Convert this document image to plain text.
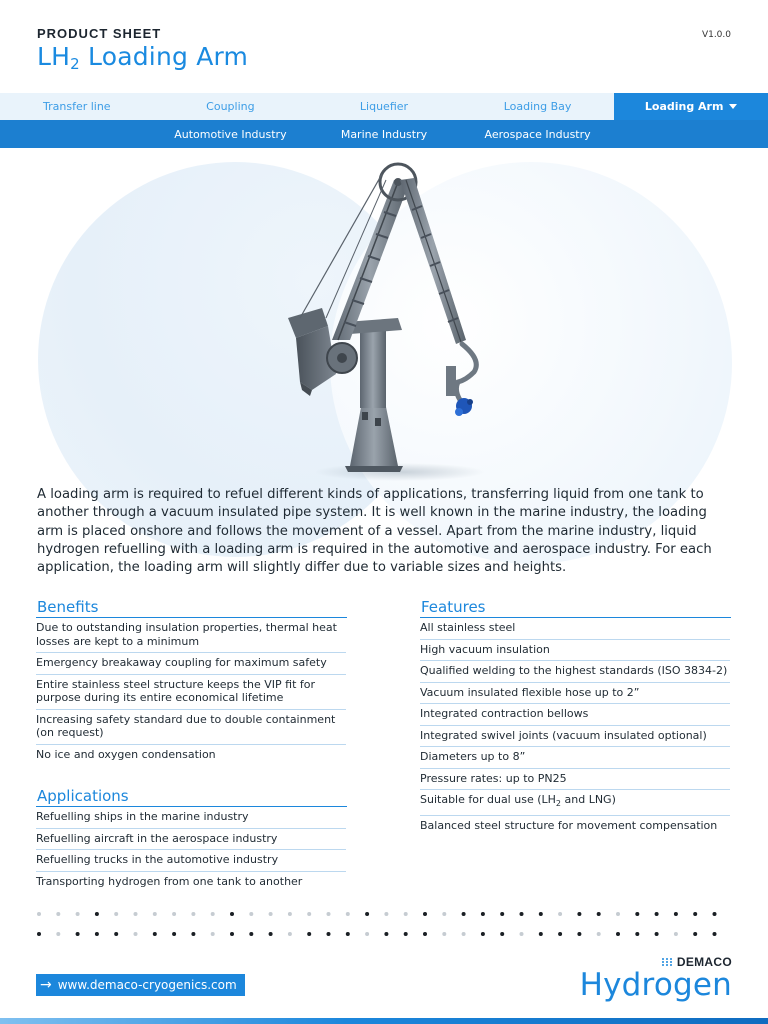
PRODUCT SHEET
$LH_2$ Loading Arm
V1.0.0
Transfer line	Coupling	Liquefier	Loading Bay	Loading Arm
Automotive Industry	Marine Industry	Aerospace Industry

A loading arm is required to refuel different kinds of applications, transferring liquid from one tank to another through a vacuum insulated pipe system. It is well known in the marine industry, the loading arm is placed onshore and follows the movement of a vessel. Apart from the marine industry, liquid hydrogen refuelling with a loading arm is required in the automotive and aerospace industry. For each application, the loading arm will slightly differ due to variable sizes and heights.

Benefits
Due to outstanding insulation properties, thermal heat losses are kept to a minimum
Emergency breakaway coupling for maximum safety
Entire stainless steel structure keeps the VIP fit for purpose during its entire economical lifetime
Increasing safety standard due to double containment (on request)
No ice and oxygen condensation
Applications
Refuelling ships in the marine industry
Refuelling aircraft in the aerospace industry
Refuelling trucks in the automotive industry
Transporting hydrogen from one tank to another
Features
All stainless steel
High vacuum insulation
Qualified welding to the highest standards (ISO 3834-2)
Vacuum insulated flexible hose up to 2”
Integrated contraction bellows
Integrated swivel joints (vacuum insulated optional)
Diameters up to 8”
Pressure rates: up to PN25
Suitable for dual use ($LH_2$ and LNG)
Balanced steel structure for movement compensation
→ www.demaco-cryogenics.com
DEMACO
Hydrogen
